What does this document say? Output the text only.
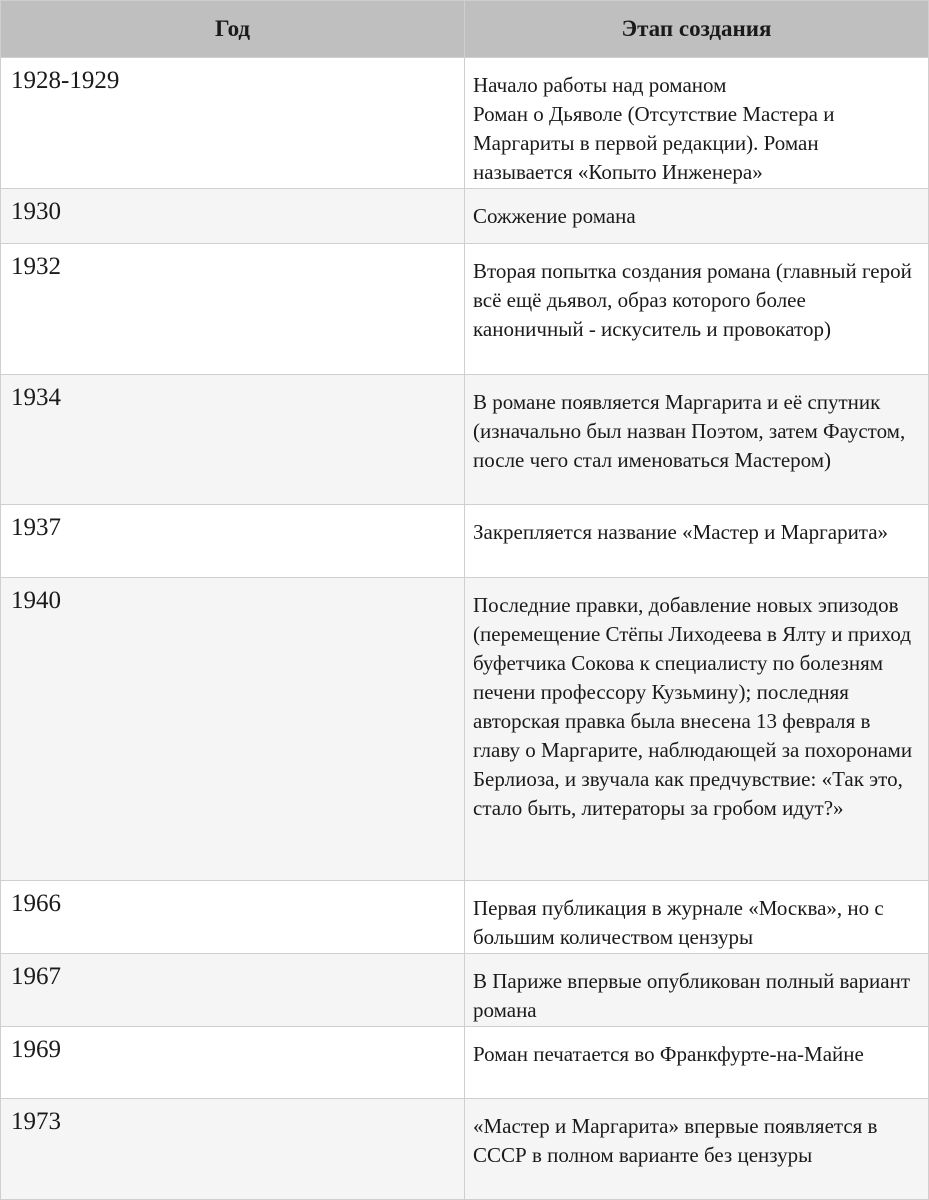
Год	Этап создания
1928-1929	Начало работы над романом
Роман о Дьяволе (Отсутствие Мастера и Маргариты в первой редакции). Роман называется «Копыто Инженера»
1930	Сожжение романа
1932	Вторая попытка создания романа (главный герой всё ещё дьявол, образ которого более каноничный - искуситель и провокатор)
1934	В романе появляется Маргарита и её спутник (изначально был назван Поэтом, затем Фаустом, после чего стал именоваться Мастером)
1937	Закрепляется название «Мастер и Маргарита»
1940	Последние правки, добавление новых эпизодов (перемещение Стёпы Лиходеева в Ялту и приход буфетчика Сокова к специалисту по болезням печени профессору Кузьмину); последняя авторская правка была внесена 13 февраля в главу о Маргарите, наблюдающей за похоронами Берлиоза, и звучала как предчувствие: «Так это, стало быть, литераторы за гробом идут?»
1966	Первая публикация в журнале «Москва», но с большим количеством цензуры
1967	В Париже впервые опубликован полный вариант романа
1969	Роман печатается во Франкфурте-на-Майне
1973	«Мастер и Маргарита» впервые появляется в СССР в полном варианте без цензуры
